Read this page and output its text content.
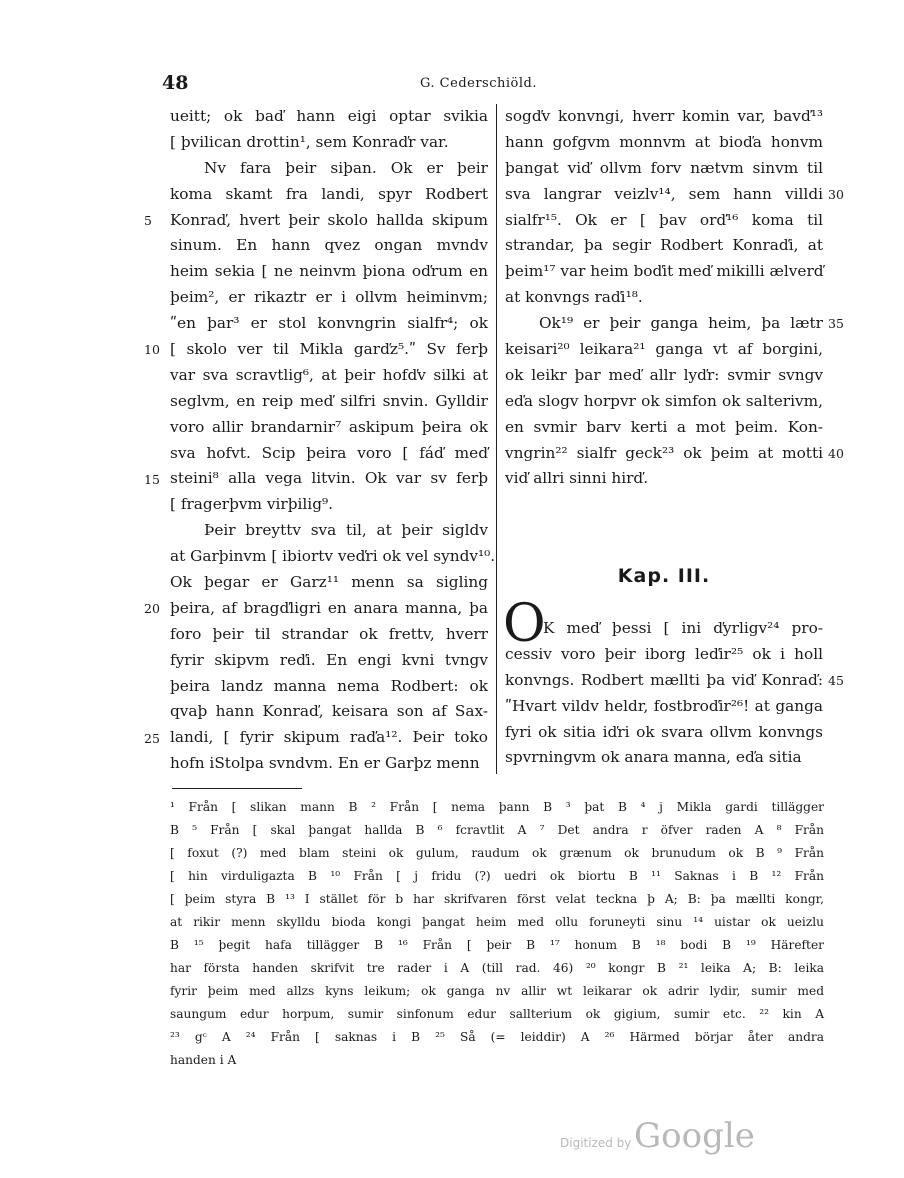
48	G. Cederschiöld.
ueitt; ok baď hann eigi optar svikia
[ þvilican drottin¹, sem Konraďr var.
Nv fara þeir siþan. Ok er þeir
koma skamt fra landi, spyr Rodbert
Konraď, hvert þeir skolo hallda skipum
sinum. En hann qvez ongan mvndv
heim sekia [ ne neinvm þiona oďrum en
þeim², er rikaztr er i ollvm heiminvm;
ʺen þar³ er stol konvngrin sialfr⁴; ok
[ skolo ver til Mikla garďz⁵.ʺ Sv ferþ
var sva scravtlig⁶, at þeir hofďv silki at
seglvm, en reip meď silfri snvin. Gylldir
voro allir brandarnir⁷ askipum þeira ok
sva hofvt. Scip þeira voro [ fáď meď
steini⁸ alla vega litvin. Ok var sv ferþ
[ fragerþvm virþilig⁹.
Þeir breyttv sva til, at þeir sigldv
at Garþinvm [ ibiortv veďri ok vel syndv¹⁰.
Ok þegar er Garz¹¹ menn sa sigling
þeira, af bragďligri en anara manna, þa
foro þeir til strandar ok frettv, hverr
fyrir skipvm reďi. En engi kvni tvngv
þeira landz manna nema Rodbert: ok
qvaþ hann Konraď, keisara son af Sax-
landi, [ fyrir skipum raďa¹². Þeir toko
hofn iStolpa svndvm. En er Garþz menn
sogďv konvngi, hverr komin var, bavď¹³
hann gofgvm monnvm at bioďa honvm
þangat viď ollvm forv nætvm sinvm til
sva langrar veizlv¹⁴, sem hann villdi
sialfr¹⁵. Ok er [ þav orď¹⁶ koma til
strandar, þa segir Rodbert Konraďi, at
þeim¹⁷ var heim boďit meď mikilli ælverď
at konvngs raďi¹⁸.
Ok¹⁹ er þeir ganga heim, þa lætr
keisari²⁰ leikara²¹ ganga vt af borgini,
ok leikr þar meď allr lyďr: svmir svngv
eďa slogv horpvr ok simfon ok salterivm,
en svmir barv kerti a mot þeim. Kon-
vngrin²² sialfr geck²³ ok þeim at motti
viď allri sinni hirď.
Kap. III.
O
K meď þessi [ ini ďyrligv²⁴ pro-
cessiv voro þeir iborg leďir²⁵ ok i holl
konvngs. Rodbert mællti þa viď Konraď:
ʺHvart vildv heldr, fostbroďir²⁶! at ganga
fyri ok sitia iďri ok svara ollvm konvngs
spvrningvm ok anara manna, eďa sitia
5
10
15
20
25
30
35
40
45
¹ Från [ slikan mann B ² Från [ nema þann B ³ þat B ⁴ j Mikla gardi tillägger
B ⁵ Från [ skal þangat hallda B ⁶ fcravtlit A ⁷ Det andra r öfver raden A ⁸ Från
[ foxut (?) med blam steini ok gulum, raudum ok grænum ok brunudum ok B ⁹ Från
[ hin virduligazta B ¹⁰ Från [ j fridu (?) uedri ok biortu B ¹¹ Saknas i B ¹² Från
[ þeim styra B ¹³ I stället för b har skrifvaren först velat teckna þ A; B: þa mællti kongr,
at rikir menn skylldu bioda kongi þangat heim med ollu foruneyti sinu ¹⁴ uistar ok ueizlu
B ¹⁵ þegit hafa tillägger B ¹⁶ Från [ þeir B ¹⁷ honum B ¹⁸ bodi B ¹⁹ Härefter
har första handen skrifvit tre rader i A (till rad. 46) ²⁰ kongr B ²¹ leika A; B: leika
fyrir þeim med allzs kyns leikum; ok ganga nv allir wt leikarar ok adrir lydir, sumir med
saungum edur horpum, sumir sinfonum edur sallterium ok gigium, sumir etc. ²² kin A
²³ gᶜ A ²⁴ Från [ saknas i B ²⁵ Så (= leiddir) A ²⁶ Härmed börjar åter andra
handen i A
Digitized by Google
